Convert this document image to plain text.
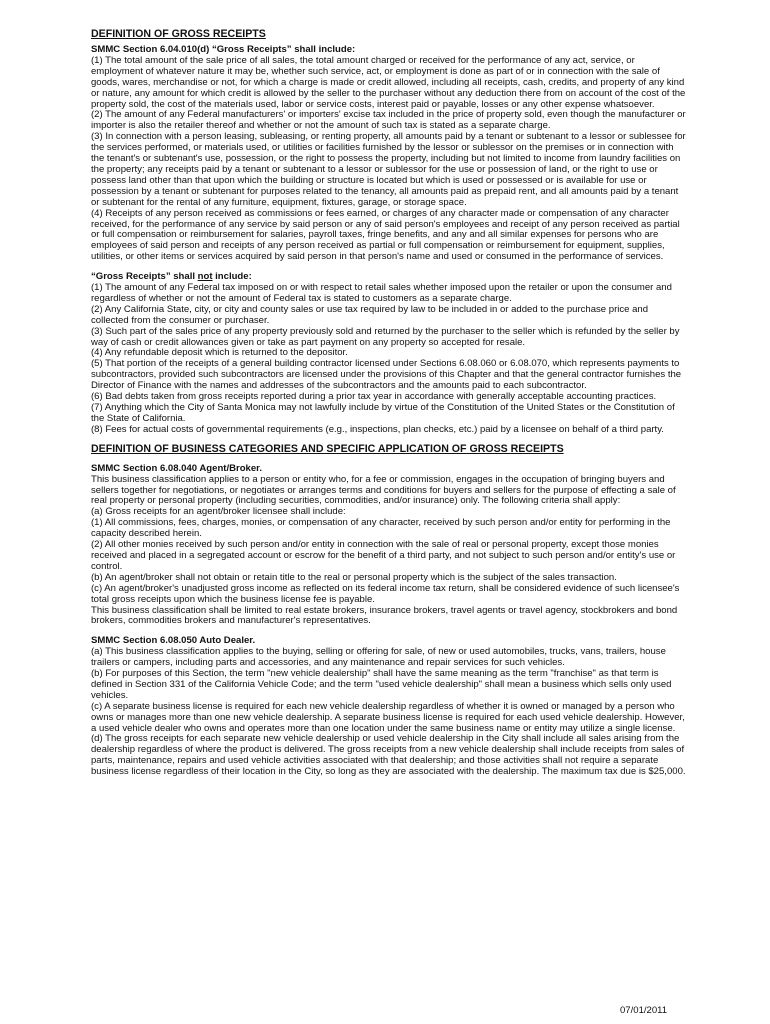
DEFINITION OF GROSS RECEIPTS

SMMC Section 6.04.010(d) “Gross Receipts” shall include:

(1) The total amount of the sale price of all sales, the total amount charged or received for the performance of any act, service, or employment of whatever nature it may be, whether such service, act, or employment is done as part of or in connection with the sale of goods, wares, merchandise or not, for which a charge is made or credit allowed, including all receipts, cash, credits, and property of any kind or nature, any amount for which credit is allowed by the seller to the purchaser without any deduction there from on account of the cost of the property sold, the cost of the materials used, labor or service costs, interest paid or payable, losses or any other expense whatsoever.

(2) The amount of any Federal manufacturers' or importers' excise tax included in the price of property sold, even though the manufacturer or importer is also the retailer thereof and whether or not the amount of such tax is stated as a separate charge.

(3) In connection with a person leasing, subleasing, or renting property, all amounts paid by a tenant or subtenant to a lessor or sublessee for the services performed, or materials used, or utilities or facilities furnished by the lessor or sublessor on the premises or in connection with the tenant's or subtenant's use, possession, or the right to possess the property, including but not limited to income from laundry facilities on the property; any receipts paid by a tenant or subtenant to a lessor or sublessor for the use or possession of land, or the right to use or possess land other than that upon which the building or structure is located but which is used or possessed or is available for use or possession by a tenant or subtenant for purposes related to the tenancy, all amounts paid as prepaid rent, and all amounts paid by a tenant or subtenant for the rental of any furniture, equipment, fixtures, garage, or storage space.

(4) Receipts of any person received as commissions or fees earned, or charges of any character made or compensation of any character received, for the performance of any service by said person or any of said person's employees and receipt of any person received as partial or full compensation or reimbursement for salaries, payroll taxes, fringe benefits, and any and all similar expenses for persons who are employees of said person and receipts of any person received as partial or full compensation or reimbursement for equipment, supplies, utilities, or other items or services acquired by said person in that person's name and used or consumed in the performance of services.

“Gross Receipts” shall not include:

(1) The amount of any Federal tax imposed on or with respect to retail sales whether imposed upon the retailer or upon the consumer and regardless of whether or not the amount of Federal tax is stated to customers as a separate charge.

(2) Any California State, city, or city and county sales or use tax required by law to be included in or added to the purchase price and collected from the consumer or purchaser.

(3) Such part of the sales price of any property previously sold and returned by the purchaser to the seller which is refunded by the seller by way of cash or credit allowances given or take as part payment on any property so accepted for resale.

(4) Any refundable deposit which is returned to the depositor.

(5) That portion of the receipts of a general building contractor licensed under Sections 6.08.060 or 6.08.070, which represents payments to subcontractors, provided such subcontractors are licensed under the provisions of this Chapter and that the general contractor furnishes the Director of Finance with the names and addresses of the subcontractors and the amounts paid to each subcontractor.

(6) Bad debts taken from gross receipts reported during a prior tax year in accordance with generally acceptable accounting practices.

(7) Anything which the City of Santa Monica may not lawfully include by virtue of the Constitution of the United States or the Constitution of the State of California.

(8) Fees for actual costs of governmental requirements (e.g., inspections, plan checks, etc.) paid by a licensee on behalf of a third party.

DEFINITION OF BUSINESS CATEGORIES AND SPECIFIC APPLICATION OF GROSS RECEIPTS

SMMC Section 6.08.040 Agent/Broker.

This business classification applies to a person or entity who, for a fee or commission, engages in the occupation of bringing buyers and sellers together for negotiations, or negotiates or arranges terms and conditions for buyers and sellers for the purpose of effecting a sale of real property or personal property (including securities, commodities, and/or insurance) only. The following criteria shall apply:

(a) Gross receipts for an agent/broker licensee shall include:

(1) All commissions, fees, charges, monies, or compensation of any character, received by such person and/or entity for performing in the capacity described herein.

(2) All other monies received by such person and/or entity in connection with the sale of real or personal property, except those monies received and placed in a segregated account or escrow for the benefit of a third party, and not subject to such person and/or entity's use or control.

(b) An agent/broker shall not obtain or retain title to the real or personal property which is the subject of the sales transaction.

(c) An agent/broker's unadjusted gross income as reflected on its federal income tax return, shall be considered evidence of such licensee's total gross receipts upon which the business license fee is payable.

This business classification shall be limited to real estate brokers, insurance brokers, travel agents or travel agency, stockbrokers and bond brokers, commodities brokers and manufacturer's representatives.

SMMC Section 6.08.050 Auto Dealer.

(a) This business classification applies to the buying, selling or offering for sale, of new or used automobiles, trucks, vans, trailers, house trailers or campers, including parts and accessories, and any maintenance and repair services for such vehicles.

(b) For purposes of this Section, the term "new vehicle dealership" shall have the same meaning as the term "franchise" as that term is defined in Section 331 of the California Vehicle Code; and the term "used vehicle dealership" shall mean a business which sells only used vehicles.

(c) A separate business license is required for each new vehicle dealership regardless of whether it is owned or managed by a person who owns or manages more than one new vehicle dealership. A separate business license is required for each used vehicle dealership. However, a used vehicle dealer who owns and operates more than one location under the same business name or entity may utilize a single license.

(d) The gross receipts for each separate new vehicle dealership or used vehicle dealership in the City shall include all sales arising from the dealership regardless of where the product is delivered. The gross receipts from a new vehicle dealership shall include receipts from sales of parts, maintenance, repairs and used vehicle activities associated with that dealership; and those activities shall not require a separate business license regardless of their location in the City, so long as they are associated with the dealership. The maximum tax due is $25,000.

07/01/2011
